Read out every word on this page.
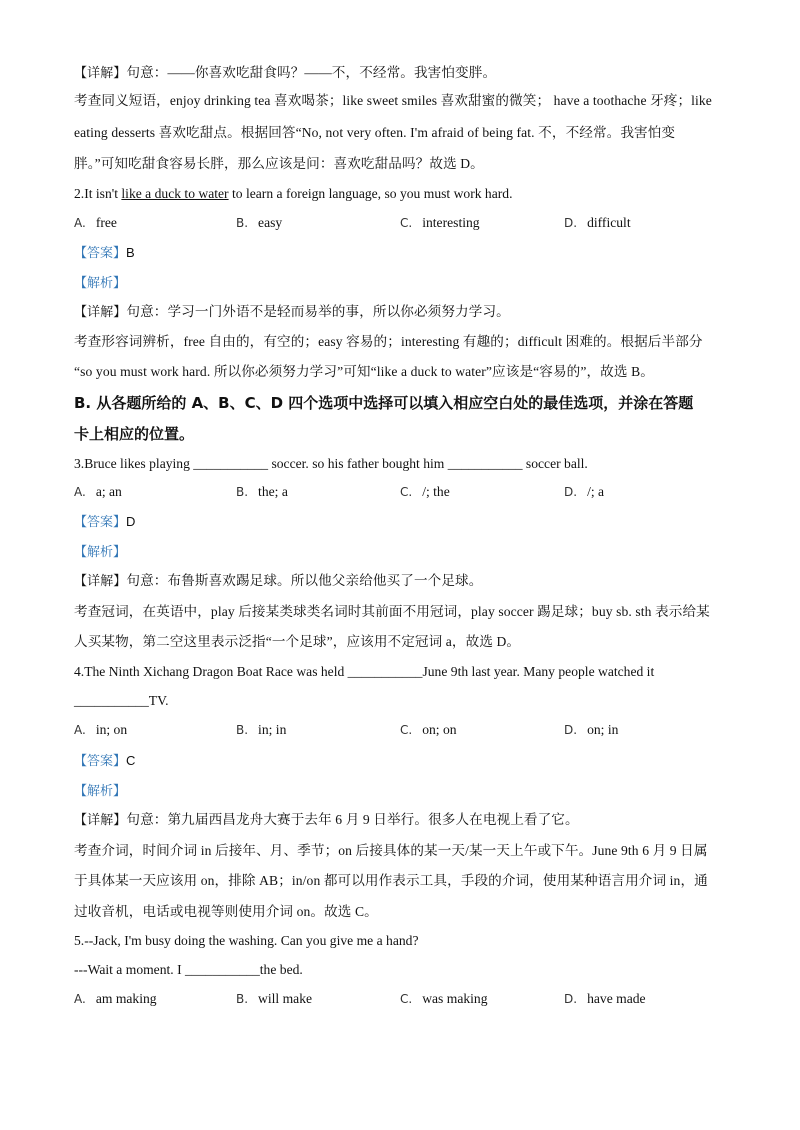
【详解】句意：——你喜欢吃甜食吗？——不，不经常。我害怕变胖。
考查同义短语，enjoy drinking tea 喜欢喝茶；like sweet smiles 喜欢甜蜜的微笑； have a toothache 牙疼；like
eating desserts 喜欢吃甜点。根据回答“No, not very often. I'm afraid of being fat. 不，不经常。我害怕变
胖。”可知吃甜食容易长胖，那么应该是问：喜欢吃甜品吗？故选 D。
2.It isn't like a duck to water to learn a foreign language, so you must work hard.
A. free	B. easy	C. interesting	D. difficult
【答案】B
【解析】
【详解】句意：学习一门外语不是轻而易举的事，所以你必须努力学习。
考查形容词辨析，free 自由的，有空的；easy 容易的；interesting 有趣的；difficult 困难的。根据后半部分
“so you must work hard. 所以你必须努力学习”可知“like a duck to water”应该是“容易的”，故选 B。
B. 从各题所给的 A、B、C、D 四个选项中选择可以填入相应空白处的最佳选项，并涂在答题
卡上相应的位置。
3.Bruce likes playing ___________ soccer. so his father bought him ___________ soccer ball.
A. a; an	B. the; a	C. /; the	D. /; a
【答案】D
【解析】
【详解】句意：布鲁斯喜欢踢足球。所以他父亲给他买了一个足球。
考查冠词，在英语中，play 后接某类球类名词时其前面不用冠词，play soccer 踢足球；buy sb. sth 表示给某
人买某物，第二空这里表示泛指“一个足球”，应该用不定冠词 a，故选 D。
4.The Ninth Xichang Dragon Boat Race was held ___________June 9th last year. Many people watched it
___________TV.
A. in; on	B. in; in	C. on; on	D. on; in
【答案】C
【解析】
【详解】句意：第九届西昌龙舟大赛于去年 6 月 9 日举行。很多人在电视上看了它。
考查介词，时间介词 in 后接年、月、季节；on 后接具体的某一天/某一天上午或下午。June 9th 6 月 9 日属
于具体某一天应该用 on，排除 AB；in/on 都可以用作表示工具，手段的介词，使用某种语言用介词 in，通
过收音机，电话或电视等则使用介词 on。故选 C。
5.--Jack, I'm busy doing the washing. Can you give me a hand?
---Wait a moment. I ___________the bed.
A. am making	B. will make	C. was making	D. have made
